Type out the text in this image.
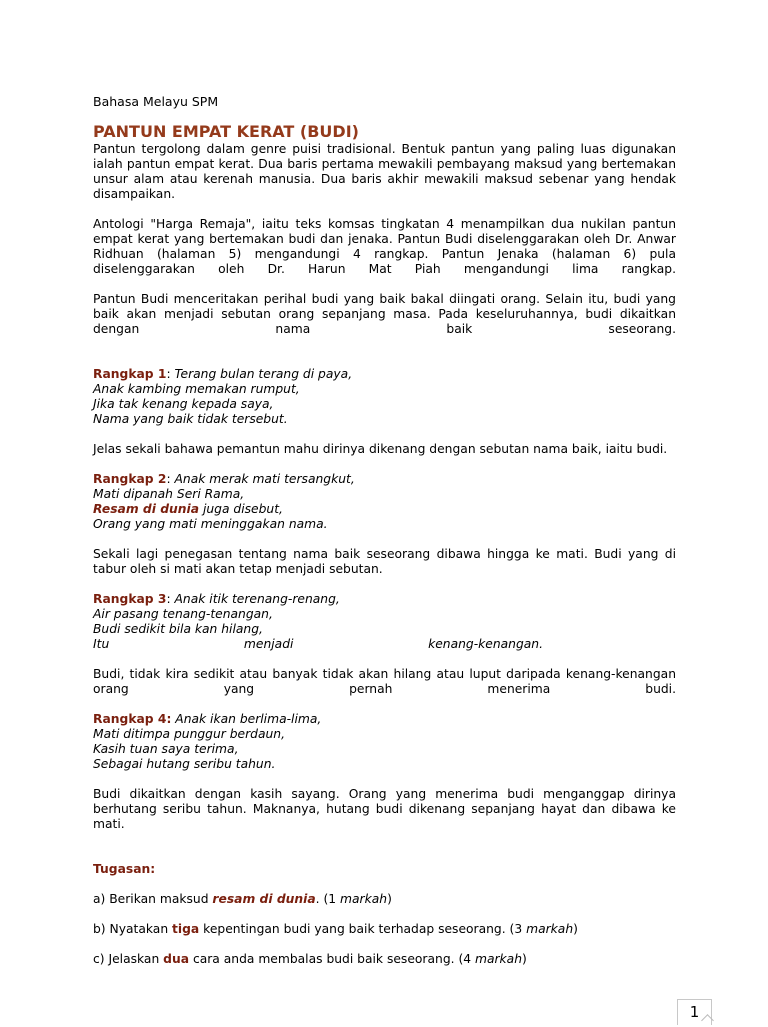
Bahasa Melayu SPM
PANTUN EMPAT KERAT (BUDI)

Pantun tergolong dalam genre puisi tradisional. Bentuk pantun yang paling luas digunakan ialah pantun empat kerat. Dua baris pertama mewakili pembayang maksud yang bertemakan unsur alam atau kerenah manusia. Dua baris akhir mewakili maksud sebenar yang hendak disampaikan.

Antologi "Harga Remaja", iaitu teks komsas tingkatan 4 menampilkan dua nukilan pantun empat kerat yang bertemakan budi dan jenaka. Pantun Budi diselenggarakan oleh Dr. Anwar Ridhuan (halaman 5) mengandungi 4 rangkap. Pantun Jenaka (halaman 6) pula diselenggarakan oleh Dr. Harun Mat Piah mengandungi lima rangkap.

Pantun Budi menceritakan perihal budi yang baik bakal diingati orang. Selain itu, budi yang baik akan menjadi sebutan orang sepanjang masa. Pada keseluruhannya, budi dikaitkan dengan nama baik seseorang.

Rangkap 1: Terang bulan terang di paya,
Anak kambing memakan rumput,
Jika tak kenang kepada saya,
Nama yang baik tidak tersebut.

Jelas sekali bahawa pemantun mahu dirinya dikenang dengan sebutan nama baik, iaitu budi.

Rangkap 2: Anak merak mati tersangkut,
Mati dipanah Seri Rama,
Resam di dunia juga disebut,
Orang yang mati meninggakan nama.

Sekali lagi penegasan tentang nama baik seseorang dibawa hingga ke mati. Budi yang di tabur oleh si mati akan tetap menjadi sebutan.

Rangkap 3: Anak itik terenang-renang,
Air pasang tenang-tenangan,
Budi sedikit bila kan hilang,
Itu menjadi kenang-kenangan.

Budi, tidak kira sedikit atau banyak tidak akan hilang atau luput daripada kenang-kenangan orang yang pernah menerima budi.

Rangkap 4: Anak ikan berlima-lima,
Mati ditimpa punggur berdaun,
Kasih tuan saya terima,
Sebagai hutang seribu tahun.

Budi dikaitkan dengan kasih sayang. Orang yang menerima budi menganggap dirinya berhutang seribu tahun. Maknanya, hutang budi dikenang sepanjang hayat dan dibawa ke mati.

Tugasan:

a) Berikan maksud resam di dunia. (1 markah)

b) Nyatakan tiga kepentingan budi yang baik terhadap seseorang. (3 markah)

c) Jelaskan dua cara anda membalas budi baik seseorang. (4 markah)

1
